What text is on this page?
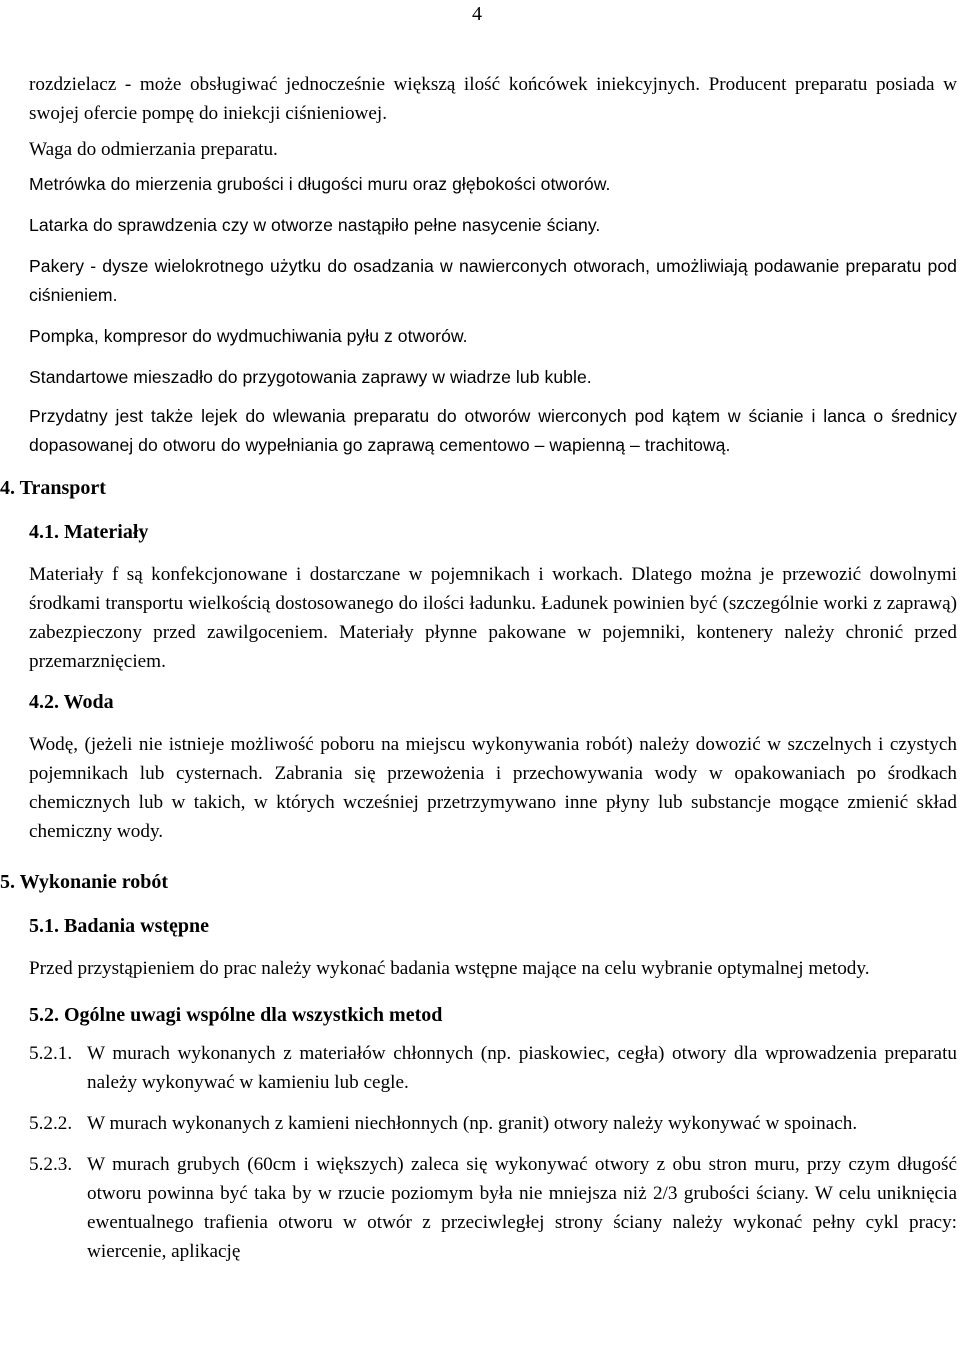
4

rozdzielacz - może obsługiwać jednocześnie większą ilość końcówek iniekcyjnych. Producent preparatu posiada w swojej ofercie pompę do iniekcji ciśnieniowej.

Waga do odmierzania preparatu.

Metrówka do mierzenia grubości i długości muru oraz głębokości otworów.

Latarka do sprawdzenia czy w otworze nastąpiło pełne nasycenie ściany.

Pakery - dysze wielokrotnego użytku do osadzania w nawierconych otworach, umożliwiają podawanie preparatu pod ciśnieniem.

Pompka, kompresor do wydmuchiwania pyłu z otworów.

Standartowe mieszadło do przygotowania zaprawy w wiadrze lub kuble.

Przydatny jest także lejek do wlewania preparatu do otworów wierconych pod kątem w ścianie i lanca o średnicy dopasowanej do otworu do wypełniania go zaprawą cementowo – wapienną – trachitową.

4. Transport
4.1. Materiały

Materiały f są konfekcjonowane i dostarczane w pojemnikach i workach. Dlatego można je przewozić dowolnymi środkami transportu wielkością dostosowanego do ilości ładunku. Ładunek powinien być (szczególnie worki z zaprawą) zabezpieczony przed zawilgoceniem. Materiały płynne pakowane w pojemniki, kontenery należy chronić przed przemarznięciem.

4.2. Woda

Wodę, (jeżeli nie istnieje możliwość poboru na miejscu wykonywania robót) należy dowozić w szczelnych i czystych pojemnikach lub cysternach. Zabrania się przewożenia i przechowywania wody w opakowaniach po środkach chemicznych lub w takich, w których wcześniej przetrzymywano inne płyny lub substancje mogące zmienić skład chemiczny wody.

5. Wykonanie robót
5.1. Badania wstępne

Przed przystąpieniem do prac należy wykonać badania wstępne mające na celu wybranie optymalnej metody.

5.2. Ogólne uwagi wspólne dla wszystkich metod
5.2.1. W murach wykonanych z materiałów chłonnych (np. piaskowiec, cegła) otwory dla wprowadzenia preparatu należy wykonywać w kamieniu lub cegle.
5.2.2. W murach wykonanych z kamieni niechłonnych (np. granit) otwory należy wykonywać w spoinach.
5.2.3. W murach grubych (60cm i większych) zaleca się wykonywać otwory z obu stron muru, przy czym długość otworu powinna być taka by w rzucie poziomym była nie mniejsza niż 2/3 grubości ściany. W celu uniknięcia ewentualnego trafienia otworu w otwór z przeciwległej strony ściany należy wykonać pełny cykl pracy: wiercenie, aplikację
